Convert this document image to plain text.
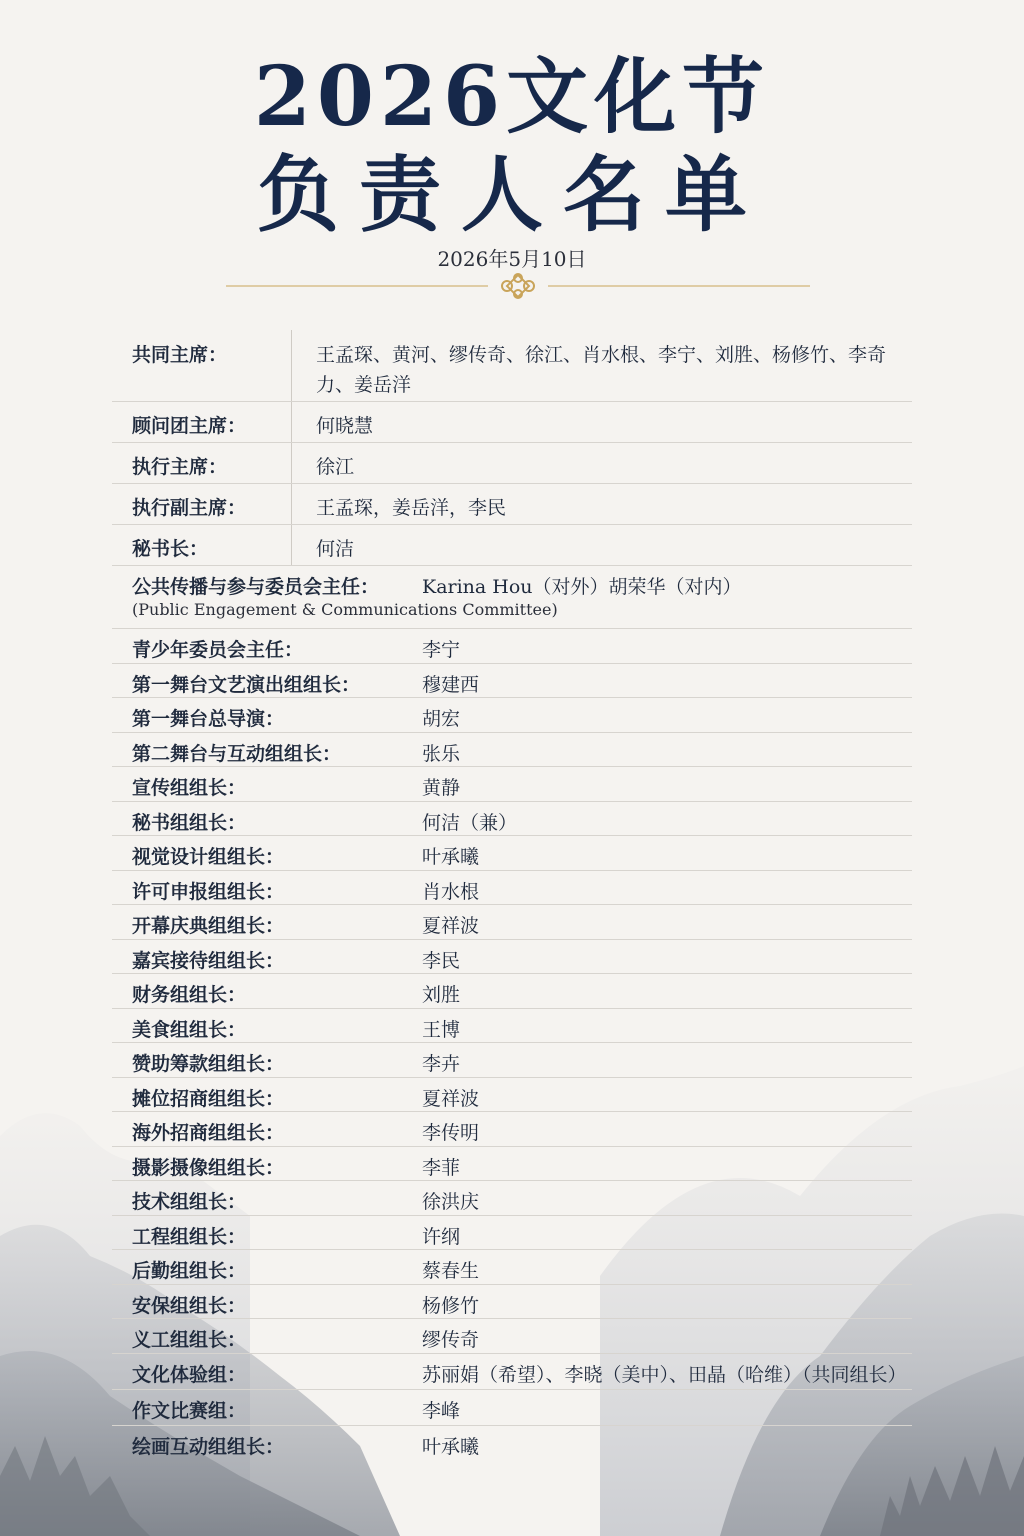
2026文化节
负责人名单
2026年5月10日
共同主席：	王孟琛、黄河、缪传奇、徐江、肖水根、李宁、刘胜、杨修竹、李奇力、姜岳洋
顾问团主席：	何晓慧
执行主席：	徐江
执行副主席：	王孟琛，姜岳洋，李民
秘书长：	何洁
公共传播与参与委员会主任： Karina Hou（对外）胡荣华（对内）
(Public Engagement & Communications Committee)
青少年委员会主任：	李宁
第一舞台文艺演出组组长：	穆建西
第一舞台总导演：	胡宏
第二舞台与互动组组长：	张乐
宣传组组长：	黄静
秘书组组长：	何洁（兼）
视觉设计组组长：	叶承曦
许可申报组组长：	肖水根
开幕庆典组组长：	夏祥波
嘉宾接待组组长：	李民
财务组组长：	刘胜
美食组组长：	王博
赞助筹款组组长：	李卉
摊位招商组组长：	夏祥波
海外招商组组长：	李传明
摄影摄像组组长：	李菲
技术组组长：	徐洪庆
工程组组长：	许纲
后勤组组长：	蔡春生
安保组组长：	杨修竹
义工组组长：	缪传奇
文化体验组：	苏丽娟（希望）、李晓（美中）、田晶（哈维）（共同组长）
作文比赛组：	李峰
绘画互动组组长：	叶承曦
